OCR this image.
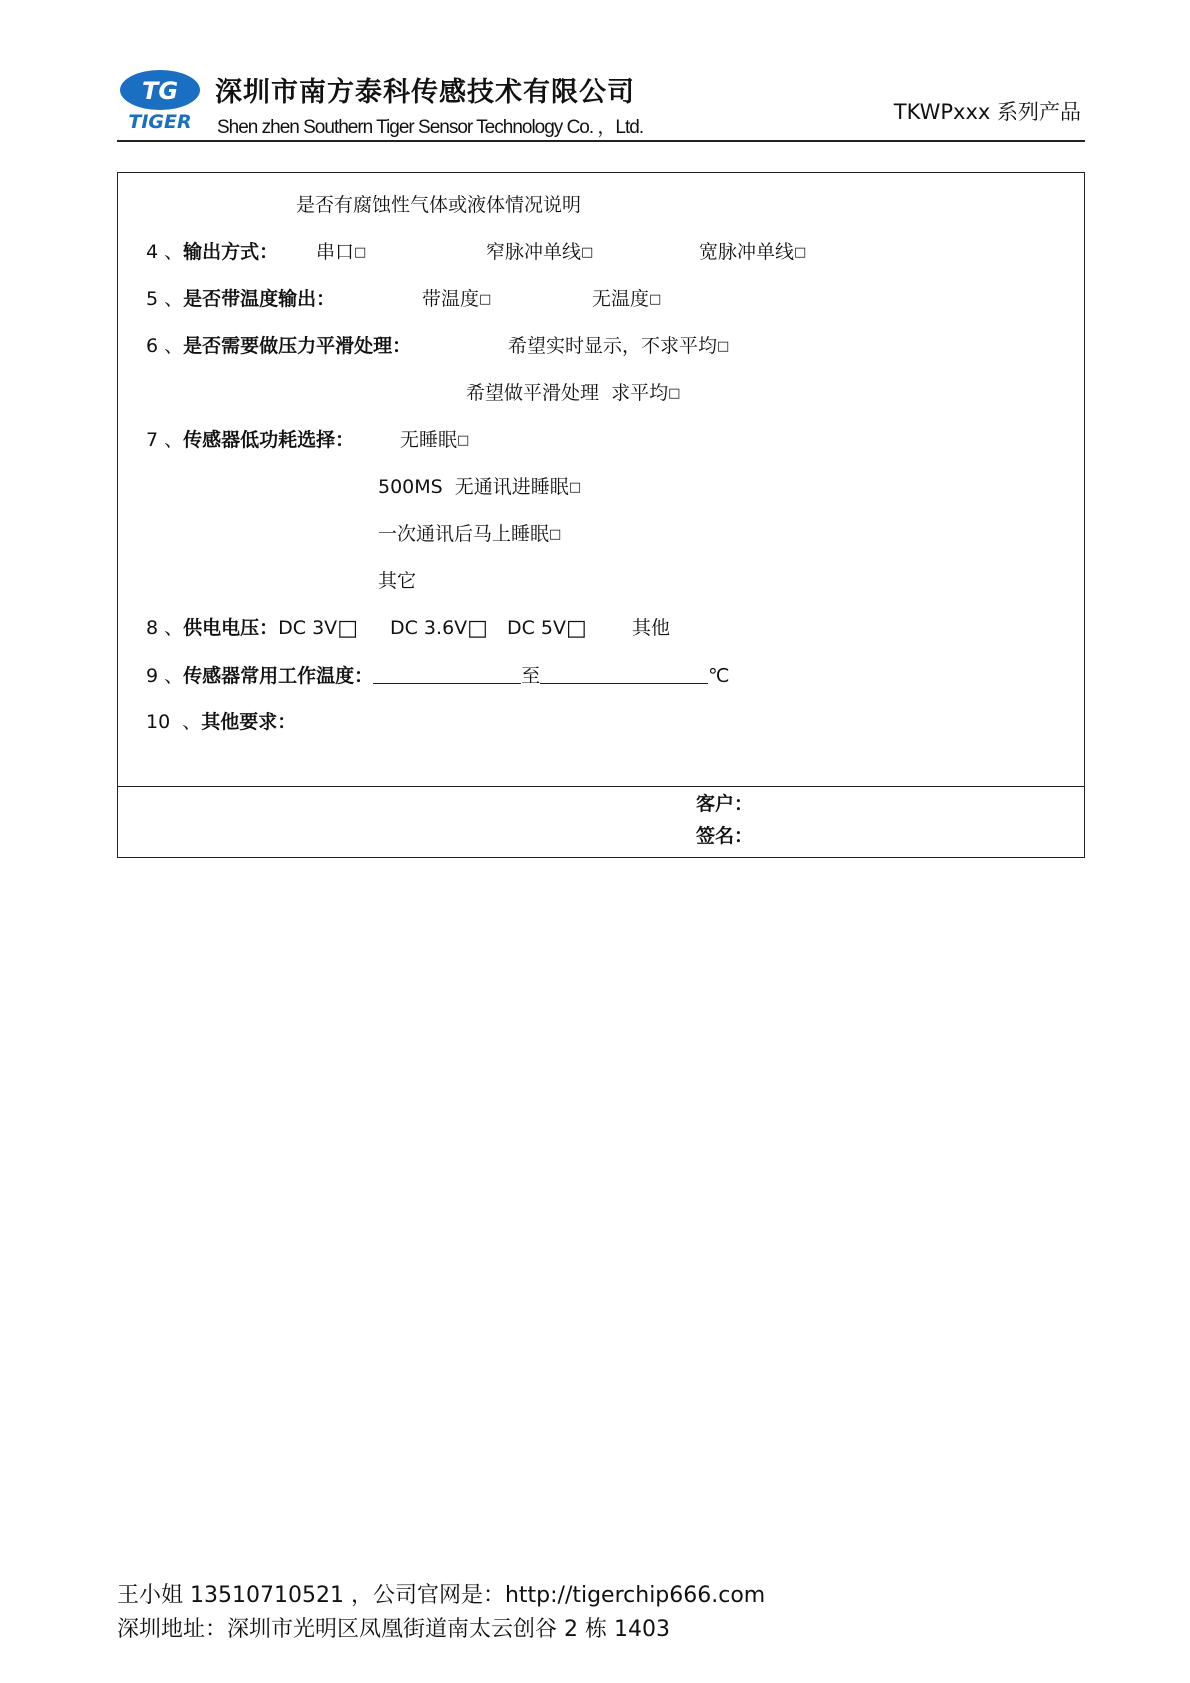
TG
TIGER
深圳市南方泰科传感技术有限公司
Shen zhen Southern Tiger Sensor Technology Co. ，Ltd.
TKWPxxx 系列产品
是否有腐蚀性气体或液体情况说明
4 、输出方式： 串口□	窄脉冲单线□	宽脉冲单线□
5 、是否带温度输出：	带温度□	无温度□
6 、是否需要做压力平滑处理：	希望实时显示，不求平均□
希望做平滑处理  求平均□
7 、传感器低功耗选择： 无睡眠□
500MS  无通讯进睡眠□
一次通讯后马上睡眠□
其它
8 、供电电压：DC 3V□ DC 3.6V□ DC 5V□ 其他
9 、传感器常用工作温度：	至	℃
10  、其他要求：
客户：
签名：
王小姐 13510710521 ，公司官网是：http://tigerchip666.com
深圳地址：深圳市光明区凤凰街道南太云创谷 2 栋 1403
